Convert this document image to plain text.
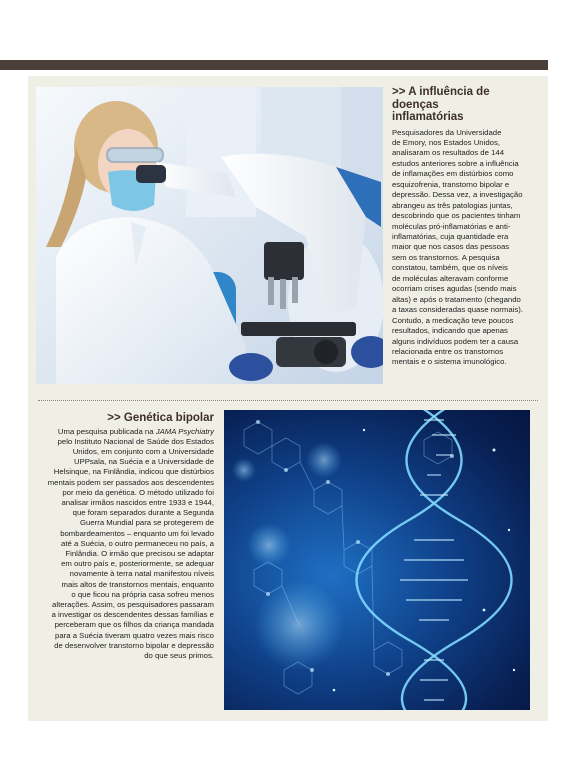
>> A influência de doenças
inflamatórias
Pesquisadores da Universidade
de Emory, nos Estados Unidos,
analisaram os resultados de 144
estudos anteriores sobre a influência
de inflamações em distúrbios como
esquizofrenia, transtorno bipolar e
depressão. Dessa vez, a investigação
abrangeu as três patologias juntas,
descobrindo que os pacientes tinham
moléculas pró-inflamatórias e anti-
inflamatórias, cuja quantidade era
maior que nos casos das pessoas
sem os transtornos. A pesquisa
constatou, também, que os níveis
de moléculas alteravam conforme
ocorriam crises agudas (sendo mais
altas) e após o tratamento (chegando
a taxas consideradas quase normais).
Contudo, a medicação teve poucos
resultados, indicando que apenas
alguns indivíduos podem ter a causa
relacionada entre os transtornos
mentais e o sistema imunológico.
>> Genética bipolar
Uma pesquisa publicada na JAMA Psychiatry
pelo Instituto Nacional de Saúde dos Estados
Unidos, em conjunto com a Universidade
UPPsala, na Suécia e a Universidade de
Helsinque, na Finlândia, indicou que distúrbios
mentais podem ser passados aos descendentes
por meio da genética. O método utilizado foi
analisar irmãos nascidos entre 1933 e 1944,
que foram separados durante a Segunda
Guerra Mundial para se protegerem de
bombardeamentos – enquanto um foi levado
até a Suécia, o outro permaneceu no país, a
Finlândia. O irmão que precisou se adaptar
em outro país e, posteriormente, se adequar
novamente à terra natal manifestou níveis
mais altos de transtornos mentais, enquanto
o que ficou na própria casa sofreu menos
alterações. Assim, os pesquisadores passaram
a investigar os descendentes dessas famílias e
perceberam que os filhos da criança mandada
para a Suécia tiveram quatro vezes mais risco
de desenvolver transtorno bipolar e depressão
do que seus primos.
